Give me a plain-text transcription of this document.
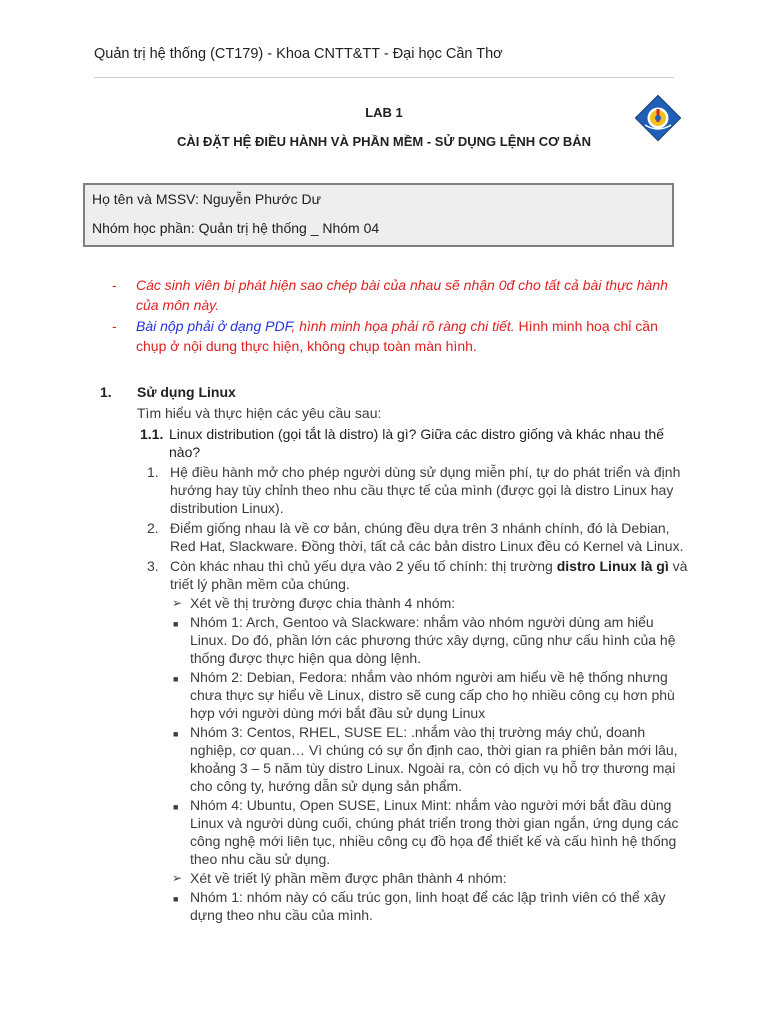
Quản trị hệ thống (CT179) - Khoa CNTT&TT - Đại học Cần Thơ
LAB 1
CÀI ĐẶT HỆ ĐIỀU HÀNH VÀ PHẦN MỀM - SỬ DỤNG LỆNH CƠ BẢN
Họ tên và MSSV: Nguyễn Phước Dư
Nhóm học phần: Quản trị hệ thống _ Nhóm 04
- Các sinh viên bị phát hiện sao chép bài của nhau sẽ nhận 0đ cho tất cả bài thực hành của môn này.
- Bài nộp phải ở dạng PDF, hình minh họa phải rõ ràng chi tiết. Hình minh hoạ chỉ cần chụp ở nội dung thực hiện, không chụp toàn màn hình.
1. Sử dụng Linux
Tìm hiểu và thực hiện các yêu cầu sau:
1.1. Linux distribution (gọi tắt là distro) là gì? Giữa các distro giống và khác nhau thế nào?
1. Hệ điều hành mở cho phép người dùng sử dụng miễn phí, tự do phát triển và định hướng hay tùy chỉnh theo nhu cầu thực tế của mình (được gọi là distro Linux hay distribution Linux).
2. Điểm giống nhau là về cơ bản, chúng đều dựa trên 3 nhánh chính, đó là Debian, Red Hat, Slackware. Đồng thời, tất cả các bản distro Linux đều có Kernel và Linux.
3. Còn khác nhau thì chủ yếu dựa vào 2 yếu tố chính: thị trường distro Linux là gì và triết lý phần mềm của chúng.
➢ Xét về thị trường được chia thành 4 nhóm:
■ Nhóm 1: Arch, Gentoo và Slackware: nhắm vào nhóm người dùng am hiểu Linux. Do đó, phần lớn các phương thức xây dựng, cũng như cấu hình của hệ thống được thực hiện qua dòng lệnh.
■ Nhóm 2: Debian, Fedora: nhắm vào nhóm người am hiểu về hệ thống nhưng chưa thực sự hiểu về Linux, distro sẽ cung cấp cho họ nhiều công cụ hơn phù hợp với người dùng mới bắt đầu sử dụng Linux
■ Nhóm 3: Centos, RHEL, SUSE EL: .nhắm vào thị trường máy chủ, doanh nghiệp, cơ quan… Vì chúng có sự ổn định cao, thời gian ra phiên bản mới lâu, khoảng 3 – 5 năm tùy distro Linux. Ngoài ra, còn có dịch vụ hỗ trợ thương mại cho công ty, hướng dẫn sử dụng sản phẩm.
■ Nhóm 4: Ubuntu, Open SUSE, Linux Mint: nhắm vào người mới bắt đầu dùng Linux và người dùng cuối, chúng phát triển trong thời gian ngắn, ứng dụng các công nghệ mới liên tục, nhiều công cụ đồ họa để thiết kế và cấu hình hệ thống theo nhu cầu sử dụng.
➢ Xét về triết lý phần mềm được phân thành 4 nhóm:
■ Nhóm 1: nhóm này có cấu trúc gọn, linh hoạt để các lập trình viên có thể xây dựng theo nhu cầu của mình.
